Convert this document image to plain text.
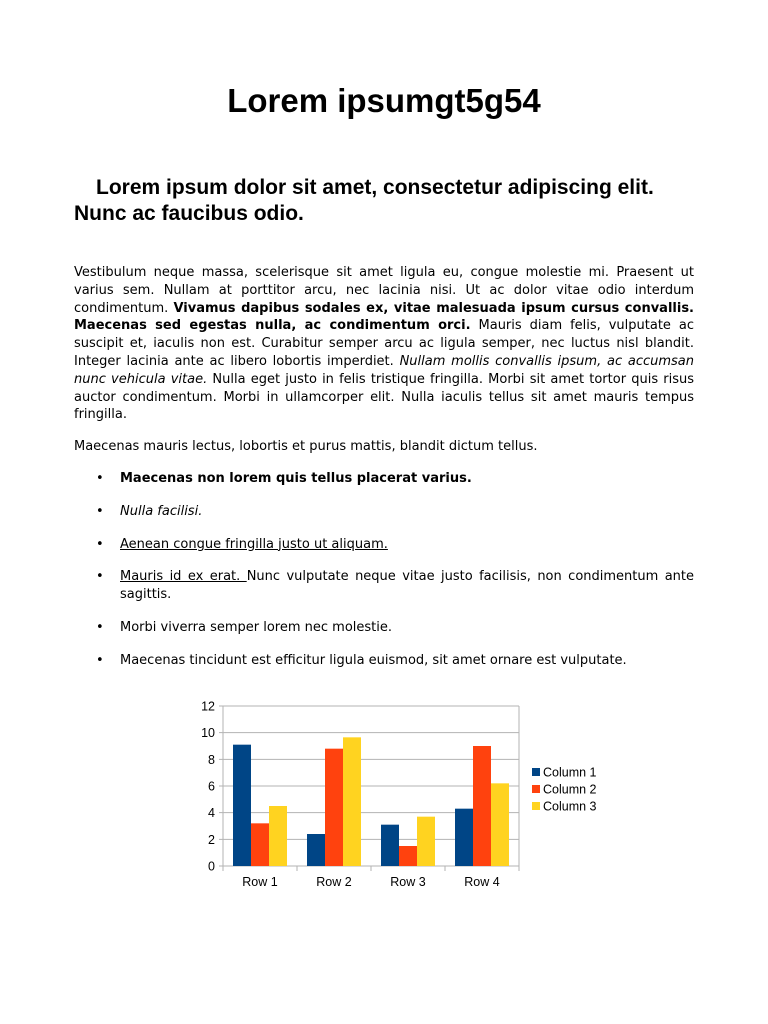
Lorem ipsumgt5g54
Lorem ipsum dolor sit amet, consectetur adipiscing elit. Nunc ac faucibus odio.

Vestibulum neque massa, scelerisque sit amet ligula eu, congue molestie mi. Praesent ut varius sem. Nullam at porttitor arcu, nec lacinia nisi. Ut ac dolor vitae odio interdum condimentum. Vivamus dapibus sodales ex, vitae malesuada ipsum cursus convallis. Maecenas sed egestas nulla, ac condimentum orci. Mauris diam felis, vulputate ac suscipit et, iaculis non est. Curabitur semper arcu ac ligula semper, nec luctus nisl blandit. Integer lacinia ante ac libero lobortis imperdiet. Nullam mollis convallis ipsum, ac accumsan nunc vehicula vitae. Nulla eget justo in felis tristique fringilla. Morbi sit amet tortor quis risus auctor condimentum. Morbi in ullamcorper elit. Nulla iaculis tellus sit amet mauris tempus fringilla.

Maecenas mauris lectus, lobortis et purus mattis, blandit dictum tellus.

• Maecenas non lorem quis tellus placerat varius.
• Nulla facilisi.
• Aenean congue fringilla justo ut aliquam.
• Mauris id ex erat. Nunc vulputate neque vitae justo facilisis, non condimentum ante sagittis.
• Morbi viverra semper lorem nec molestie.
• Maecenas tincidunt est efficitur ligula euismod, sit amet ornare est vulputate.
0
2
4
6
8
10
12
Row 1	Row 2	Row 3	Row 4
Column 1
Column 2
Column 3
